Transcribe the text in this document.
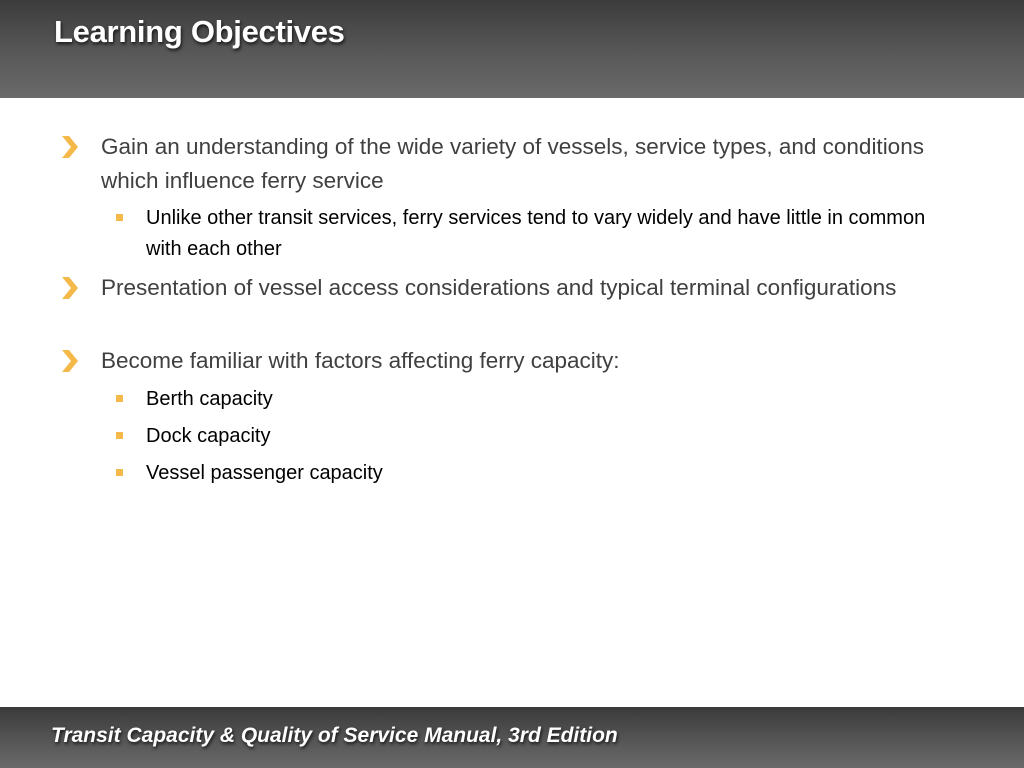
Learning Objectives
Gain an understanding of the wide variety of vessels, service types, and conditions which influence ferry service
Unlike other transit services, ferry services tend to vary widely and have little in common with each other
Presentation of vessel access considerations and typical terminal configurations
Become familiar with factors affecting ferry capacity:
Berth capacity
Dock capacity
Vessel passenger capacity
Transit Capacity & Quality of Service Manual, 3rd Edition
